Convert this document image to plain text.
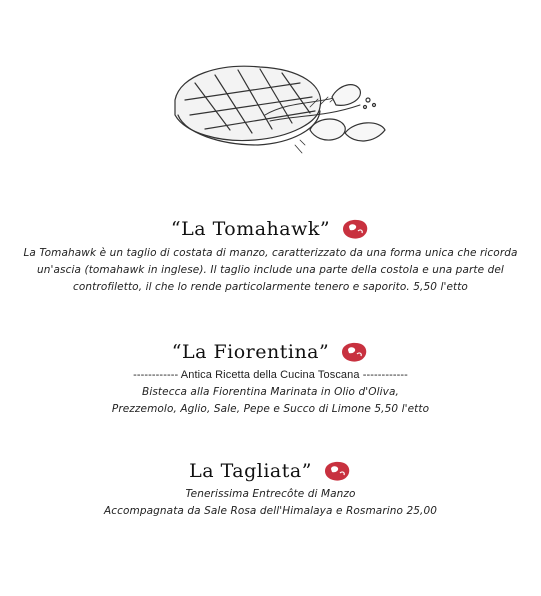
“La Tomahawk”
La Tomahawk è un taglio di costata di manzo, caratterizzato da una forma unica che ricorda un'ascia (tomahawk in inglese). Il taglio include una parte della costola e una parte del controfiletto, il che lo rende particolarmente tenero e saporito. 5,50 l'etto
“La Fiorentina”
------------ Antica Ricetta della Cucina Toscana ------------
Bistecca alla Fiorentina Marinata in Olio d'Oliva,
Prezzemolo, Aglio, Sale, Pepe e Succo di Limone 5,50 l'etto
La Tagliata”
Tenerissima Entrecôte di Manzo
Accompagnata da Sale Rosa dell'Himalaya e Rosmarino 25,00
